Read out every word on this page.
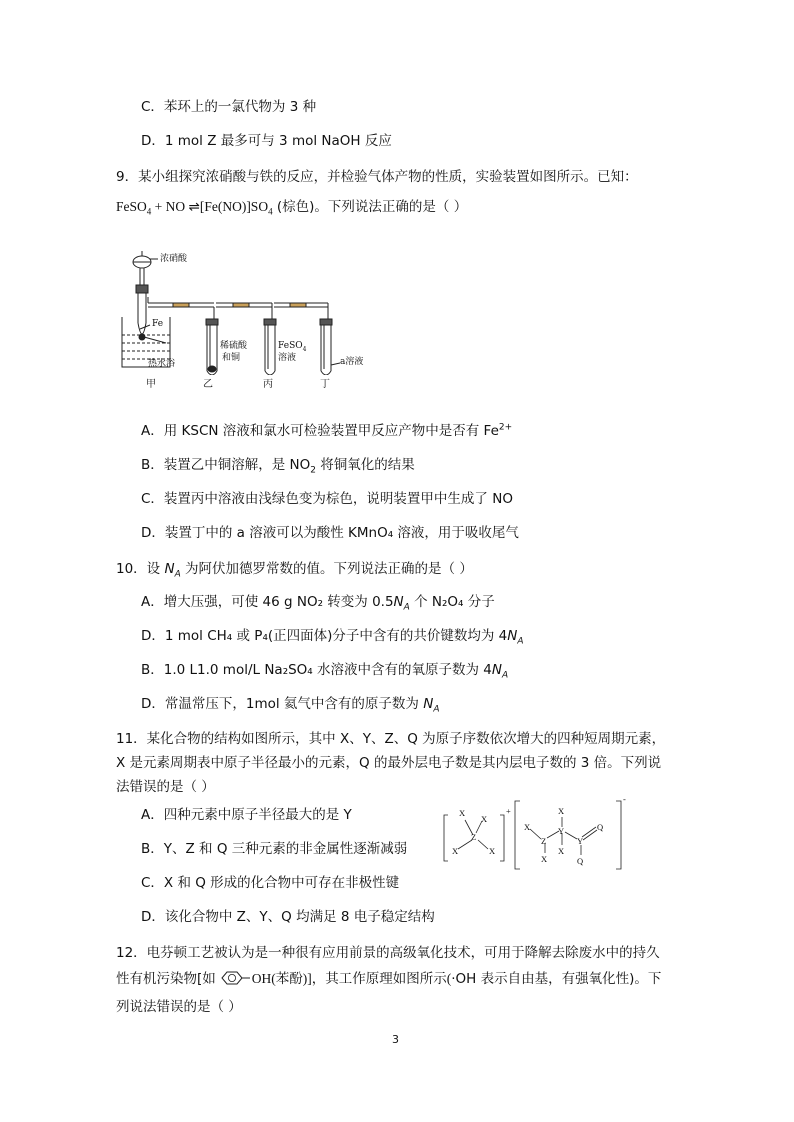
C．苯环上的一氯代物为 3 种
D．1 mol Z 最多可与 3 mol NaOH 反应
9．某小组探究浓硝酸与铁的反应，并检验气体产物的性质，实验装置如图所示。已知：
FeSO$_4$ + NO $\rightleftharpoons[Fe(NO)]SO_4$ (棕色)。下列说法正确的是（ ）
浓硝酸
Fe
热水浴
稀硫酸
和铜
FeSO$_4$
溶液	a溶液
甲	乙	丙	丁
A．用 KSCN 溶液和氯水可检验装置甲反应产物中是否有 $Fe^{2+}$
B．装置乙中铜溶解，是 $NO_2$ 将铜氧化的结果
C．装置丙中溶液由浅绿色变为棕色，说明装置甲中生成了 NO
D．装置丁中的 a 溶液可以为酸性 KMnO₄ 溶液，用于吸收尾气
10．设 $N_A$ 为阿伏加德罗常数的值。下列说法正确的是（ ）
A．增大压强，可使 46 g NO₂ 转变为 $0.5N_A$ 个 N₂O₄ 分子
D．1 mol CH₄ 或 P₄(正四面体)分子中含有的共价键数均为 $4N_A$
B．1.0 L1.0 mol/L Na₂SO₄ 水溶液中含有的氧原子数为 $4N_A$
D．常温常压下，1mol 氦气中含有的原子数为 $N_A$
11．某化合物的结构如图所示，其中 X、Y、Z、Q 为原子序数依次增大的四种短周期元素，
X 是元素周期表中原子半径最小的元素，Q 的最外层电子数是其内层电子数的 3 倍。下列说
法错误的是（ ）
A．四种元素中原子半径最大的是 Y
B．Y、Z 和 Q 三种元素的非金属性逐渐减弱
C．X 和 Q 形成的化合物中可存在非极性键
D．该化合物中 Z、Y、Q 均满足 8 电子稳定结构
X
X
Z
X	X
+
X
Z
X
X
Y
X
Y
Q
Q
-
12．电芬顿工艺被认为是一种很有应用前景的高级氧化技术，可用于降解去除废水中的持久
性有机污染物[如	OH(苯酚)]，其工作原理如图所示(·OH 表示自由基，有强氧化性)。下
列说法错误的是（ ）
3
